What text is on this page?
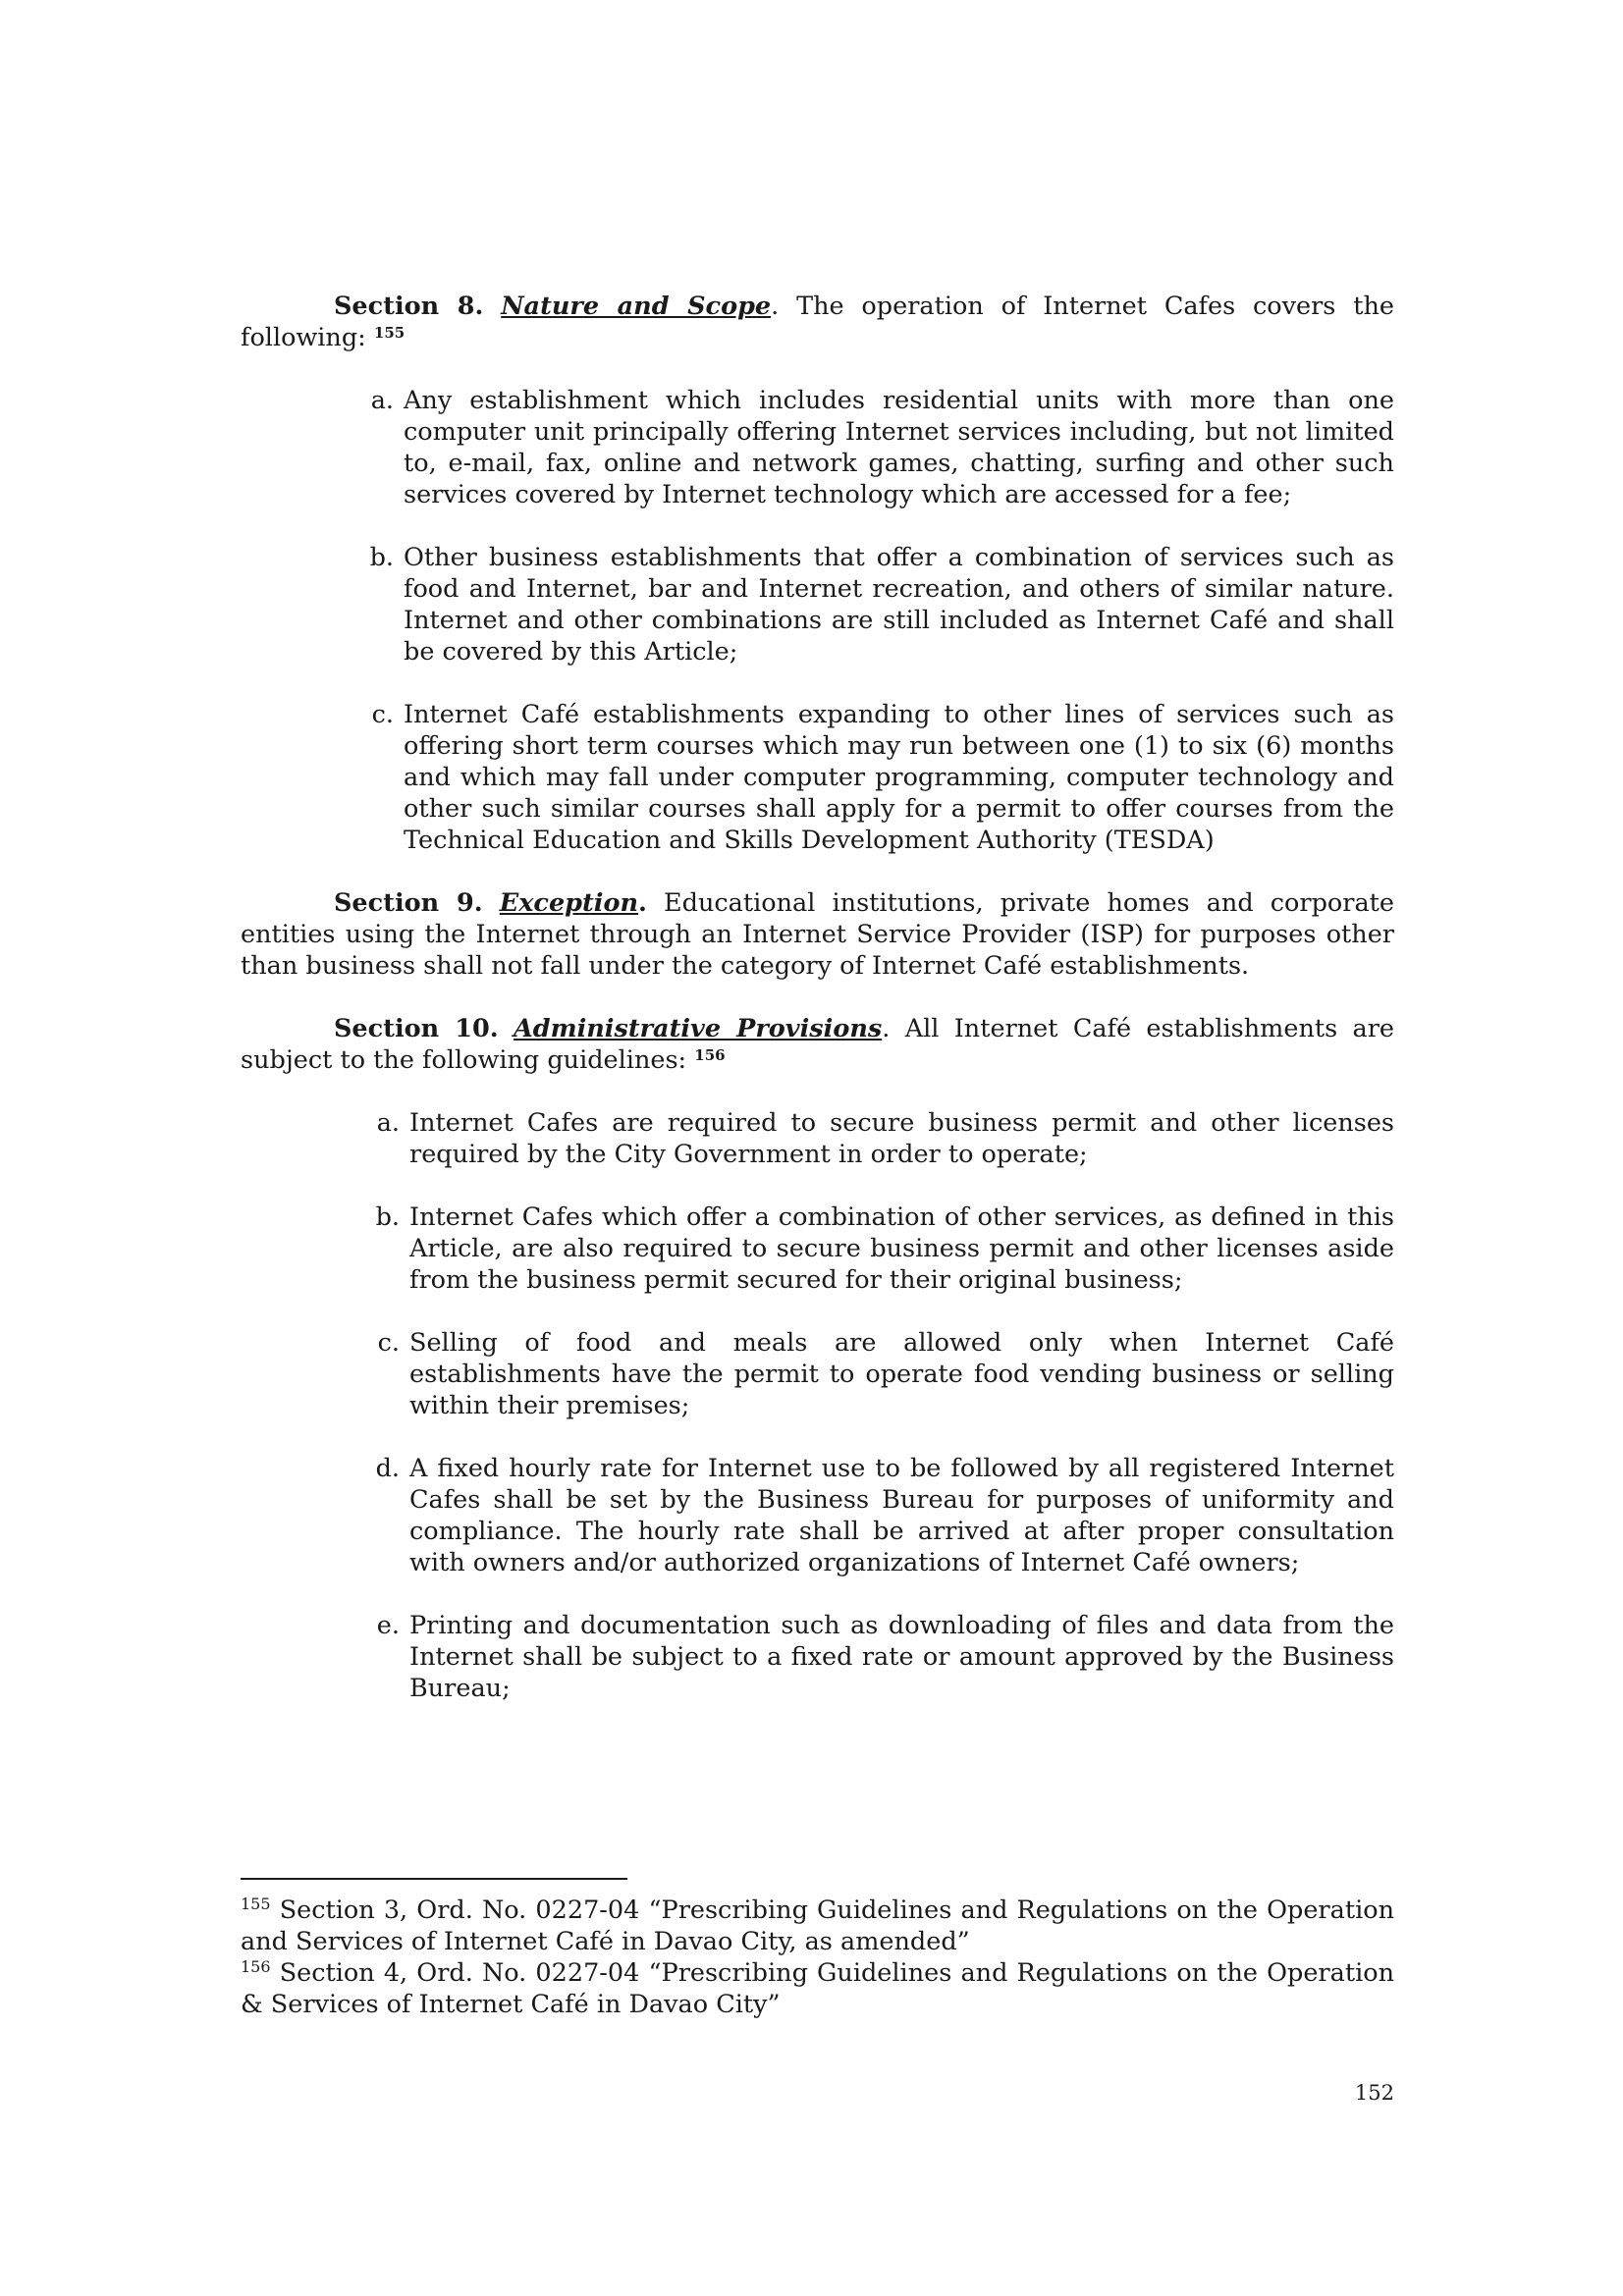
Section 8. Nature and Scope. The operation of Internet Cafes covers the following: $^{155}$

a. Any establishment which includes residential units with more than one computer unit principally offering Internet services including, but not limited to, e-mail, fax, online and network games, chatting, surfing and other such services covered by Internet technology which are accessed for a fee;
b. Other business establishments that offer a combination of services such as food and Internet, bar and Internet recreation, and others of similar nature. Internet and other combinations are still included as Internet Café and shall be covered by this Article;
c. Internet Café establishments expanding to other lines of services such as offering short term courses which may run between one (1) to six (6) months and which may fall under computer programming, computer technology and other such similar courses shall apply for a permit to offer courses from the Technical Education and Skills Development Authority (TESDA)

Section 9. Exception. Educational institutions, private homes and corporate entities using the Internet through an Internet Service Provider (ISP) for purposes other than business shall not fall under the category of Internet Café establishments.

Section 10. Administrative Provisions. All Internet Café establishments are subject to the following guidelines: $^{156}$

a. Internet Cafes are required to secure business permit and other licenses required by the City Government in order to operate;
b. Internet Cafes which offer a combination of other services, as defined in this Article, are also required to secure business permit and other licenses aside from the business permit secured for their original business;
c. Selling of food and meals are allowed only when Internet Café establishments have the permit to operate food vending business or selling within their premises;
d. A fixed hourly rate for Internet use to be followed by all registered Internet Cafes shall be set by the Business Bureau for purposes of uniformity and compliance. The hourly rate shall be arrived at after proper consultation with owners and/or authorized organizations of Internet Café owners;
e. Printing and documentation such as downloading of files and data from the Internet shall be subject to a fixed rate or amount approved by the Business Bureau;

$^{155}$ Section 3, Ord. No. 0227-04 “Prescribing Guidelines and Regulations on the Operation and Services of Internet Café in Davao City, as amended”

$^{156}$ Section 4, Ord. No. 0227-04 “Prescribing Guidelines and Regulations on the Operation & Services of Internet Café in Davao City”

152
